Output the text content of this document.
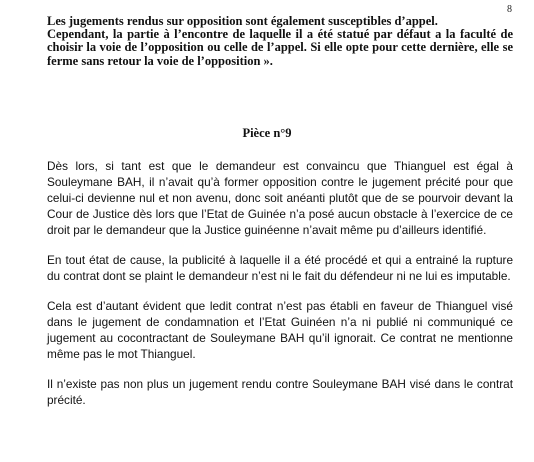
8

Les jugements rendus sur opposition sont également susceptibles d’appel.

Cependant, la partie à l’encontre de laquelle il a été statué par défaut a la faculté de choisir la voie de l’opposition ou celle de l’appel. Si elle opte pour cette dernière, elle se ferme sans retour la voie de l’opposition ».

Pièce n°9

Dès lors, si tant est que le demandeur est convaincu que Thianguel est égal à Souleymane BAH, il n’avait qu’à former opposition contre le jugement précité pour que celui-ci devienne nul et non avenu, donc soit anéanti plutôt que de se pourvoir devant la Cour de Justice dès lors que l’Etat de Guinée n’a posé aucun obstacle à l’exercice de ce droit par le demandeur que la Justice guinéenne n’avait même pu d’ailleurs identifié.

En tout état de cause, la publicité à laquelle il a été procédé et qui a entrainé la rupture du contrat dont se plaint le demandeur n’est ni le fait du défendeur ni ne lui es imputable.

Cela est d’autant évident que ledit contrat n’est pas établi en faveur de Thianguel visé dans le jugement de condamnation et l’Etat Guinéen n’a ni publié ni communiqué ce jugement au cocontractant de Souleymane BAH qu’il ignorait. Ce contrat ne mentionne même pas le mot Thianguel.

Il n’existe pas non plus un jugement rendu contre Souleymane BAH visé dans le contrat précité.
